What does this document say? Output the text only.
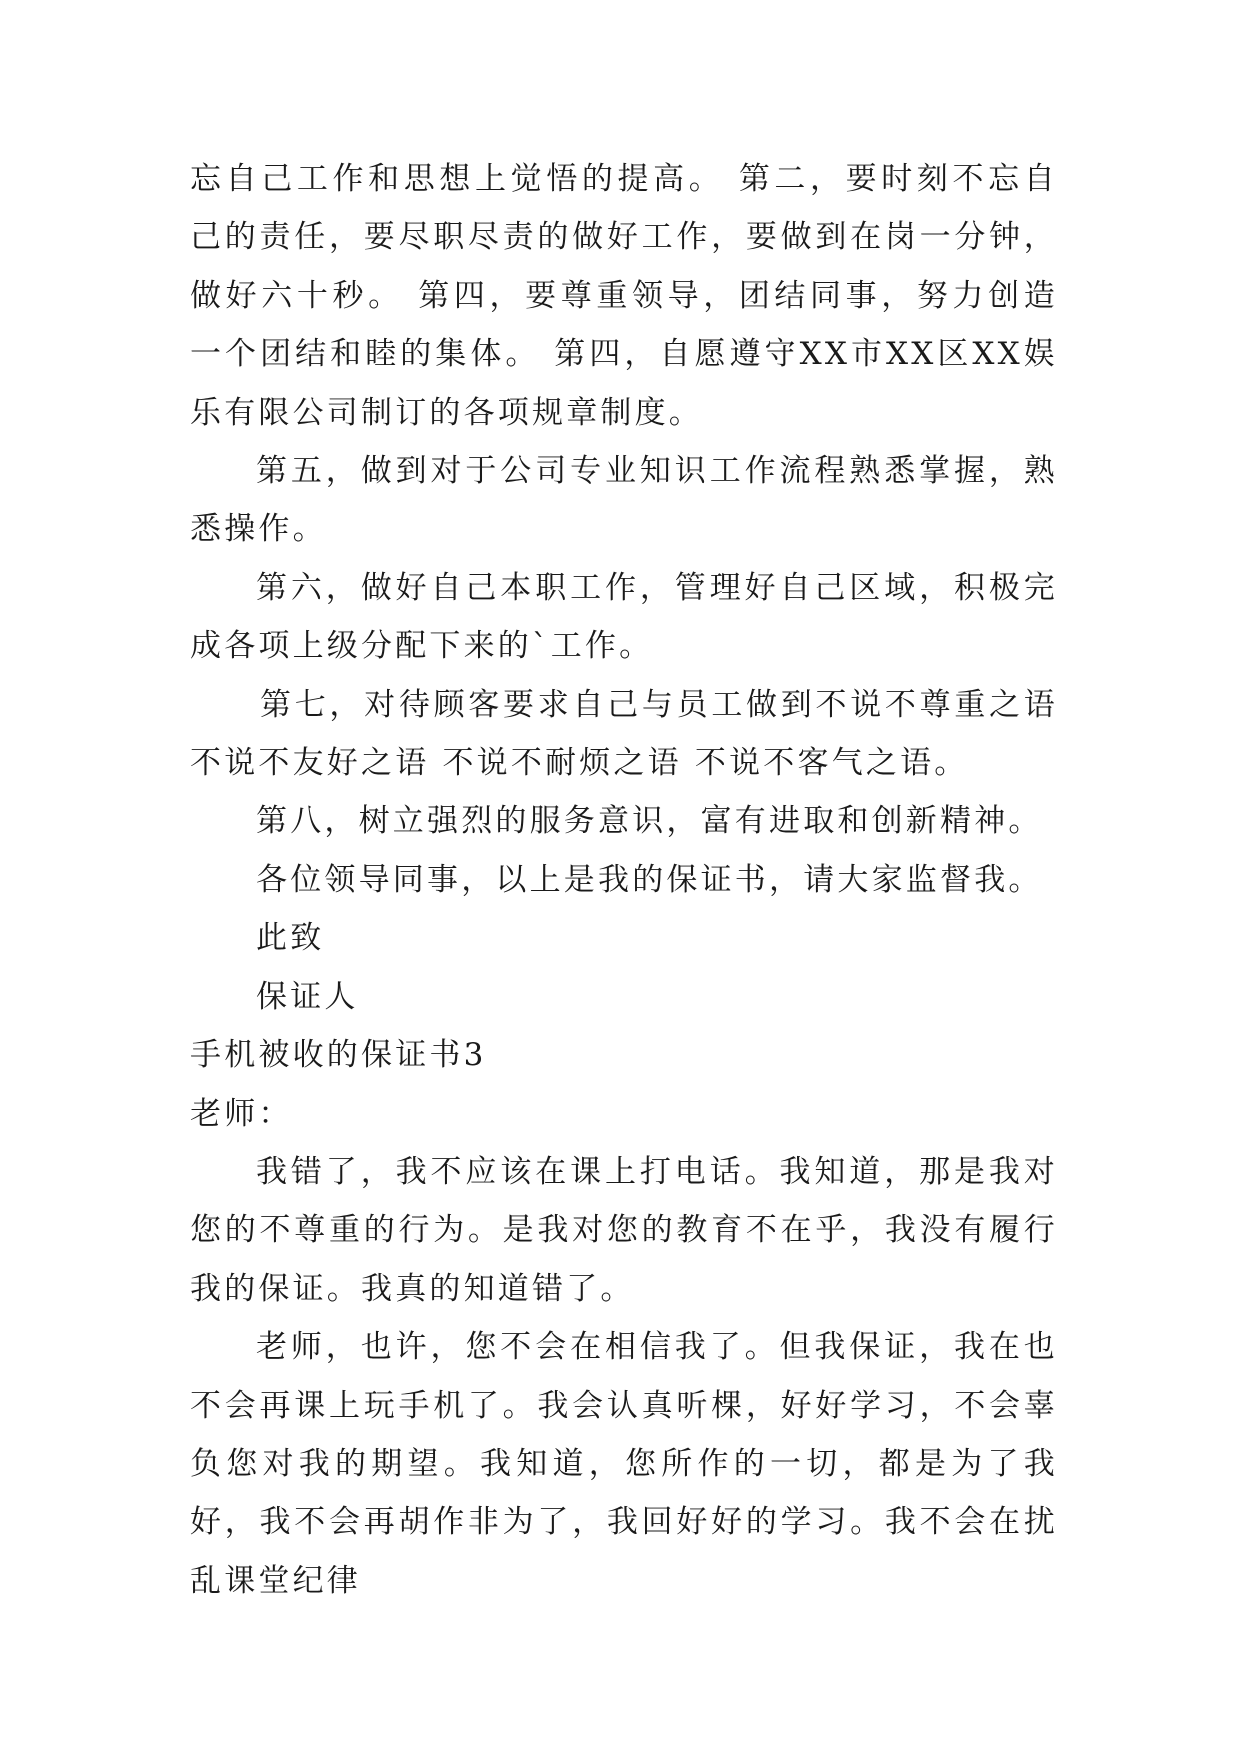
忘自己工作和思想上觉悟的提高。 第二，要时刻不忘自己的责任，要尽职尽责的做好工作，要做到在岗一分钟，做好六十秒。 第四，要尊重领导，团结同事，努力创造一个团结和睦的集体。 第四，自愿遵守XX市XX区XX娱乐有限公司制订的各项规章制度。

第五，做到对于公司专业知识工作流程熟悉掌握，熟悉操作。

第六，做好自己本职工作，管理好自己区域，积极完成各项上级分配下来的`工作。

第七，对待顾客要求自己与员工做到不说不尊重之语 不说不友好之语 不说不耐烦之语 不说不客气之语。

第八，树立强烈的服务意识，富有进取和创新精神。

各位领导同事，以上是我的保证书，请大家监督我。

此致

保证人

手机被收的保证书3

老师：

我错了，我不应该在课上打电话。我知道，那是我对您的不尊重的行为。是我对您的教育不在乎，我没有履行我的保证。我真的知道错了。

老师，也许，您不会在相信我了。但我保证，我在也不会再课上玩手机了。我会认真听棵，好好学习，不会辜负您对我的期望。我知道，您所作的一切，都是为了我好，我不会再胡作非为了，我回好好的学习。我不会在扰乱课堂纪律
